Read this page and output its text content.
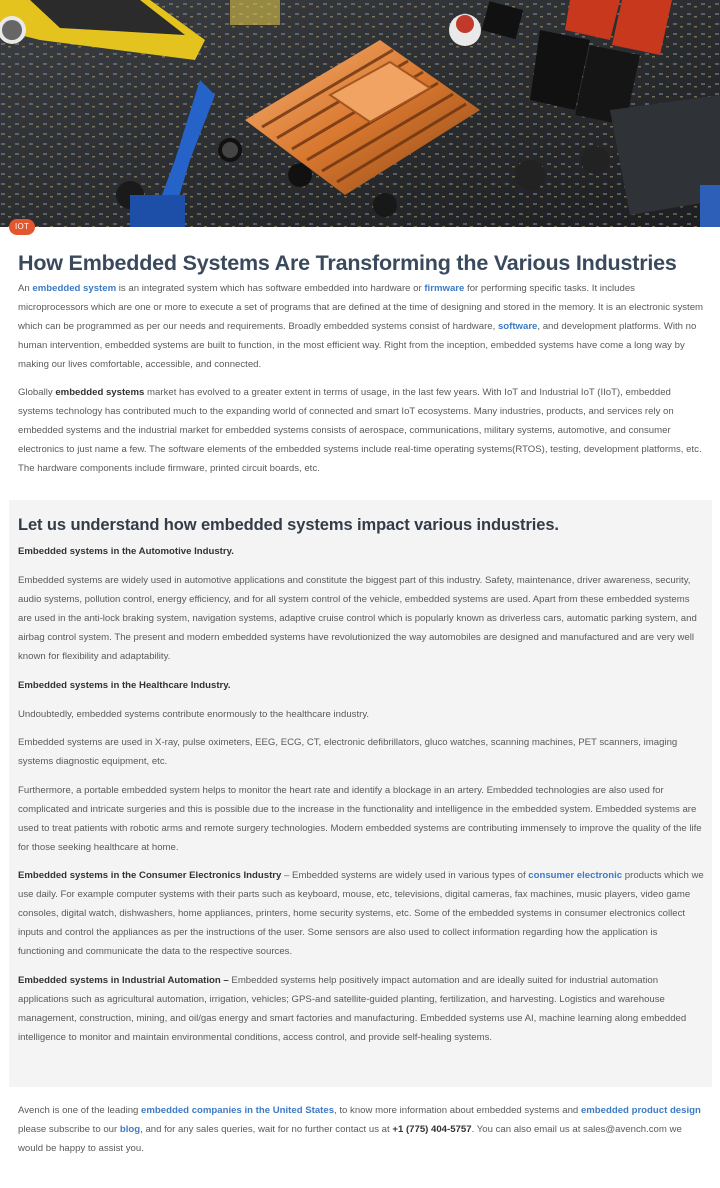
IOT
How Embedded Systems Are Transforming the Various Industries

An embedded system is an integrated system which has software embedded into hardware or firmware for performing specific tasks. It includes microprocessors which are one or more to execute a set of programs that are defined at the time of designing and stored in the memory. It is an electronic system which can be programmed as per our needs and requirements. Broadly embedded systems consist of hardware, software, and development platforms. With no human intervention, embedded systems are built to function, in the most efficient way. Right from the inception, embedded systems have come a long way by making our lives comfortable, accessible, and connected.

Globally embedded systems market has evolved to a greater extent in terms of usage, in the last few years. With IoT and Industrial IoT (IIoT), embedded systems technology has contributed much to the expanding world of connected and smart IoT ecosystems. Many industries, products, and services rely on embedded systems and the industrial market for embedded systems consists of aerospace, communications, military systems, automotive, and consumer electronics to just name a few. The software elements of the embedded systems include real-time operating systems(RTOS), testing, development platforms, etc. The hardware components include firmware, printed circuit boards, etc.

Let us understand how embedded systems impact various industries.
Embedded systems in the Automotive Industry.

Embedded systems are widely used in automotive applications and constitute the biggest part of this industry. Safety, maintenance, driver awareness, security, audio systems, pollution control, energy efficiency, and for all system control of the vehicle, embedded systems are used. Apart from these embedded systems are used in the anti-lock braking system, navigation systems, adaptive cruise control which is popularly known as driverless cars, automatic parking system, and airbag control system. The present and modern embedded systems have revolutionized the way automobiles are designed and manufactured and are very well known for flexibility and adaptability.

Embedded systems in the Healthcare Industry.

Undoubtedly, embedded systems contribute enormously to the healthcare industry.

Embedded systems are used in X-ray, pulse oximeters, EEG, ECG, CT, electronic defibrillators, gluco watches, scanning machines, PET scanners, imaging systems diagnostic equipment, etc.

Furthermore, a portable embedded system helps to monitor the heart rate and identify a blockage in an artery. Embedded technologies are also used for complicated and intricate surgeries and this is possible due to the increase in the functionality and intelligence in the embedded system. Embedded systems are used to treat patients with robotic arms and remote surgery technologies. Modern embedded systems are contributing immensely to improve the quality of the life for those seeking healthcare at home.

Embedded systems in the Consumer Electronics Industry – Embedded systems are widely used in various types of consumer electronic products which we use daily. For example computer systems with their parts such as keyboard, mouse, etc, televisions, digital cameras, fax machines, music players, video game consoles, digital watch, dishwashers, home appliances, printers, home security systems, etc. Some of the embedded systems in consumer electronics collect inputs and control the appliances as per the instructions of the user. Some sensors are also used to collect information regarding how the application is functioning and communicate the data to the respective sources.

Embedded systems in Industrial Automation – Embedded systems help positively impact automation and are ideally suited for industrial automation applications such as agricultural automation, irrigation, vehicles; GPS-and satellite-guided planting, fertilization, and harvesting. Logistics and warehouse management, construction, mining, and oil/gas energy and smart factories and manufacturing. Embedded systems use AI, machine learning along embedded intelligence to monitor and maintain environmental conditions, access control, and provide self-healing systems.

Avench is one of the leading embedded companies in the United States, to know more information about embedded systems and embedded product design please subscribe to our blog, and for any sales queries, wait for no further contact us at +1 (775) 404-5757. You can also email us at sales@avench.com we would be happy to assist you.
